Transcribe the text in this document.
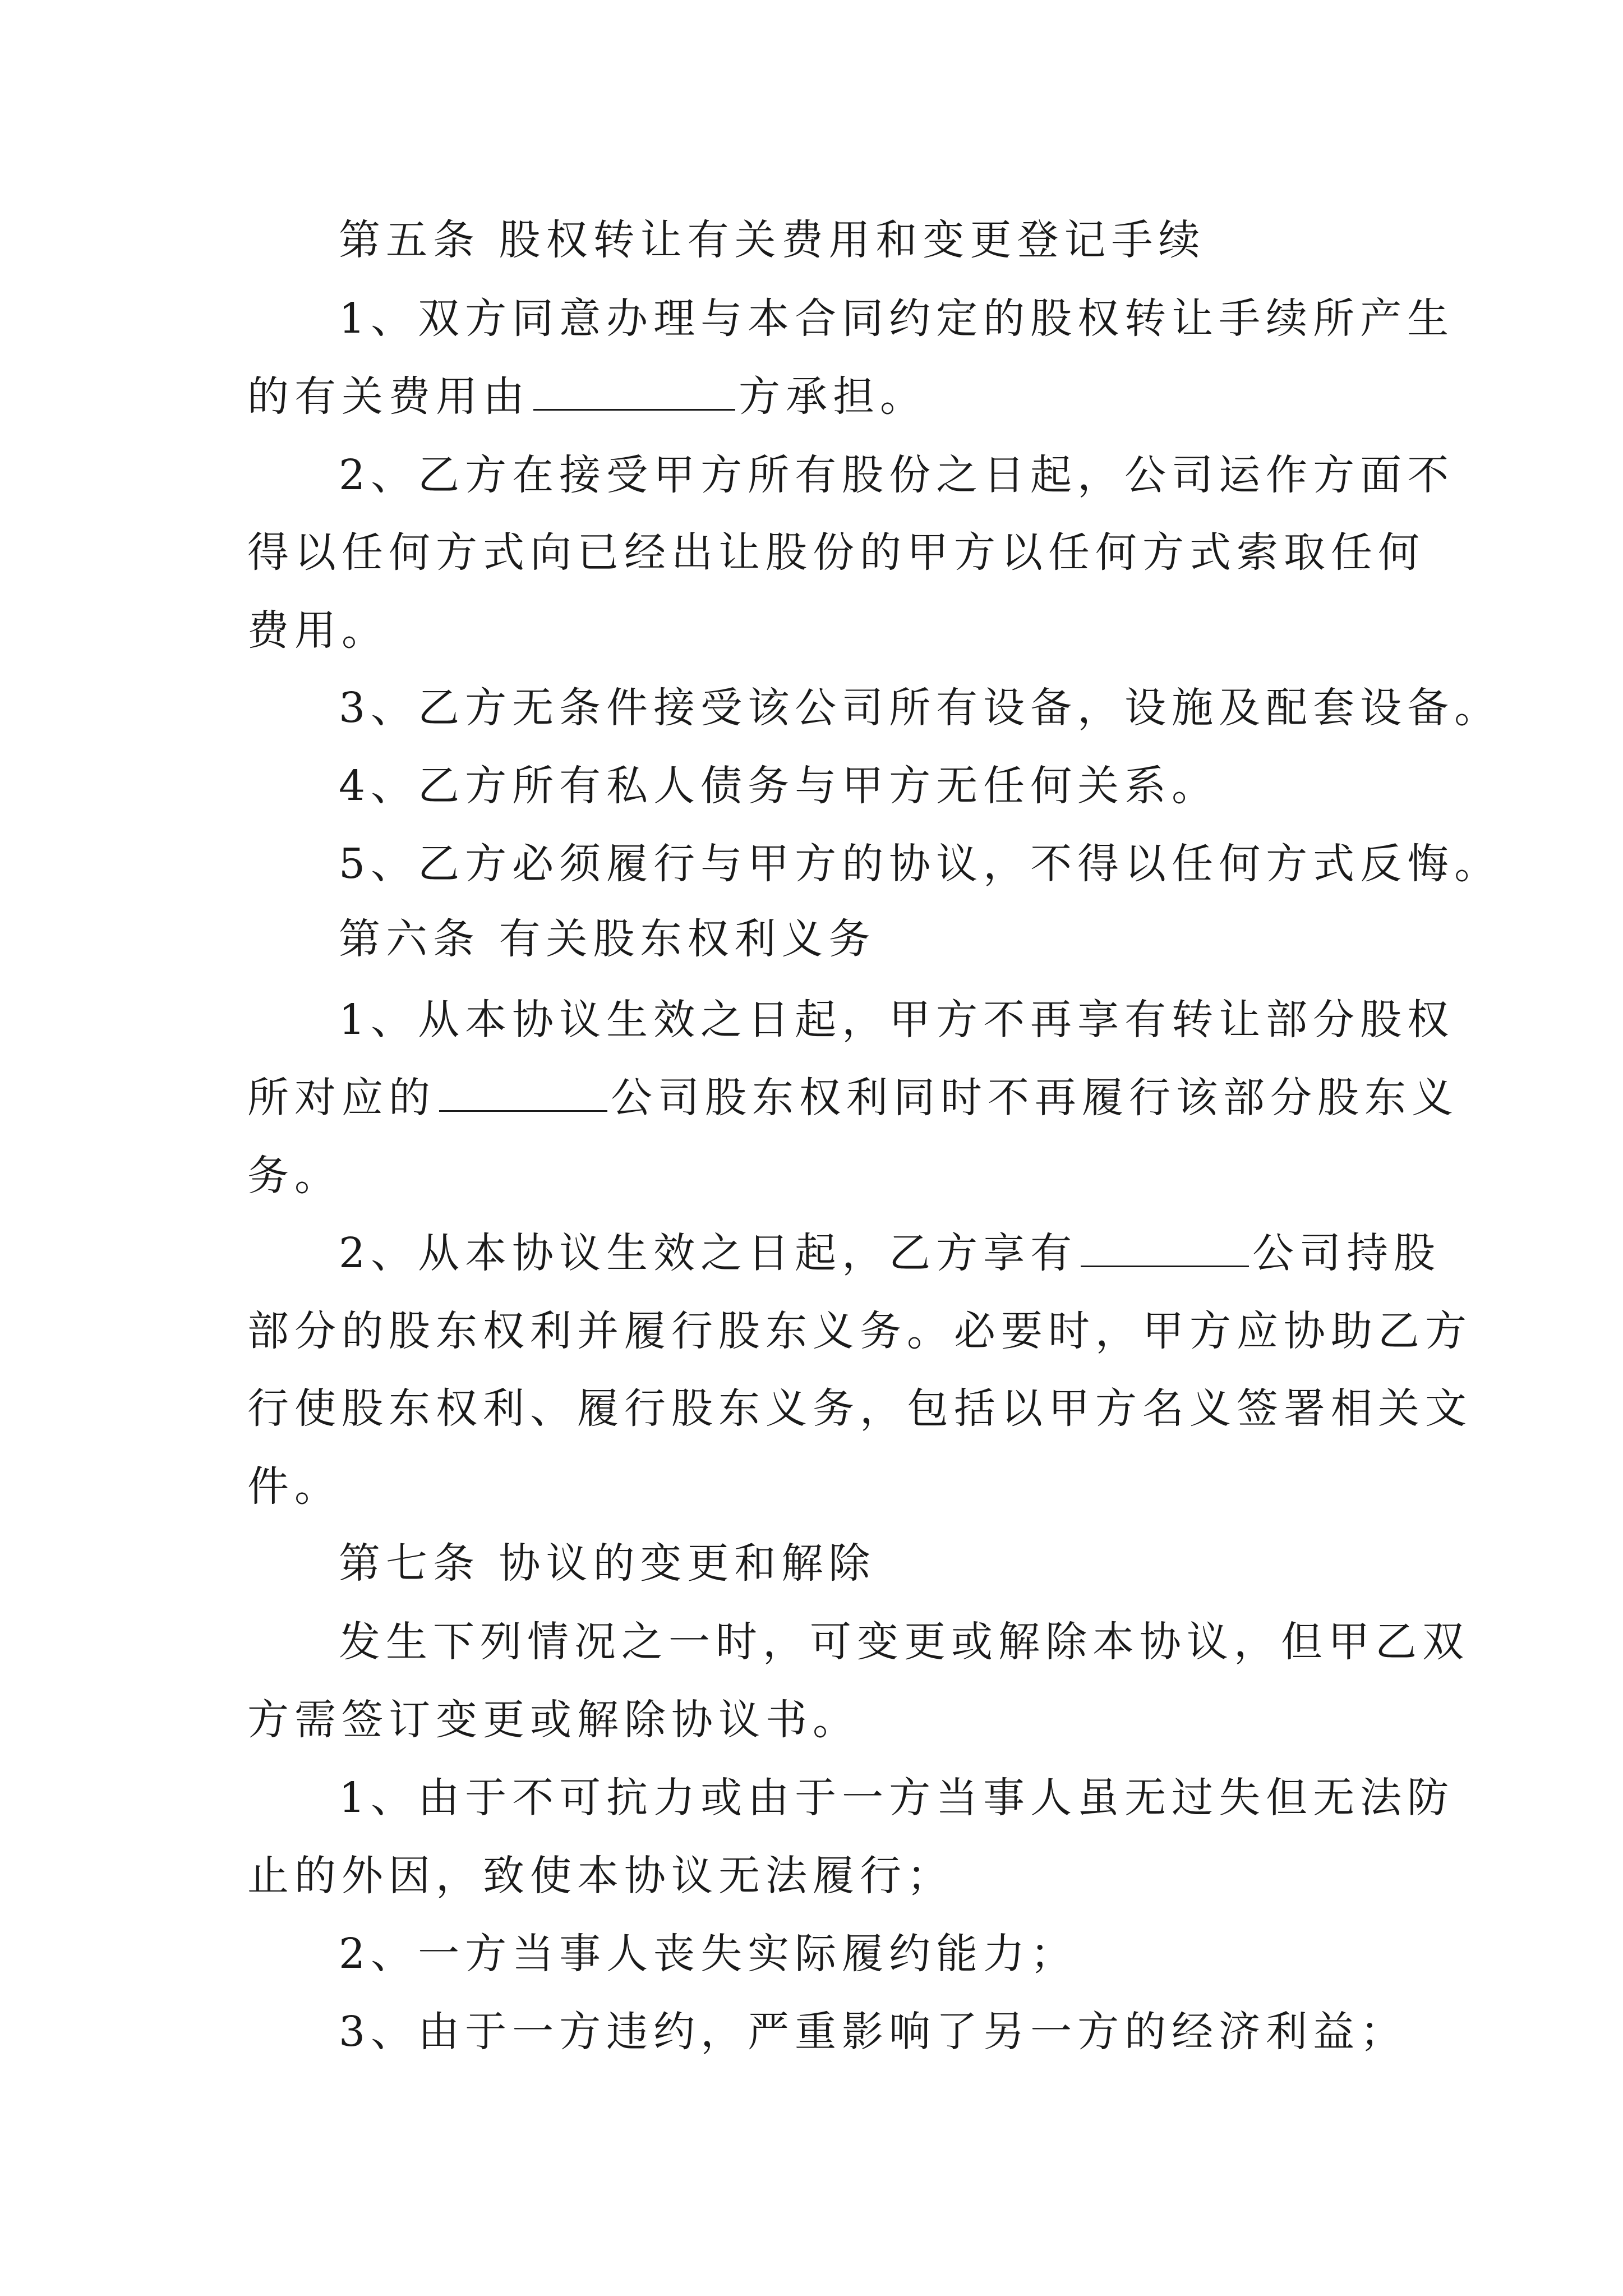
第五条 股权转让有关费用和变更登记手续
1、双方同意办理与本合同约定的股权转让手续所产生
的有关费用由	方承担。
2、乙方在接受甲方所有股份之日起，公司运作方面不
得以任何方式向已经出让股份的甲方以任何方式索取任何
费用。
3、乙方无条件接受该公司所有设备，设施及配套设备。
4、乙方所有私人债务与甲方无任何关系。
5、乙方必须履行与甲方的协议，不得以任何方式反悔。
第六条 有关股东权利义务
1、从本协议生效之日起，甲方不再享有转让部分股权
所对应的	公司股东权利同时不再履行该部分股东义
务。
2、从本协议生效之日起，乙方享有	公司持股
部分的股东权利并履行股东义务。必要时，甲方应协助乙方
行使股东权利、履行股东义务，包括以甲方名义签署相关文
件。
第七条 协议的变更和解除
发生下列情况之一时，可变更或解除本协议，但甲乙双
方需签订变更或解除协议书。
1、由于不可抗力或由于一方当事人虽无过失但无法防
止的外因，致使本协议无法履行；
2、一方当事人丧失实际履约能力；
3、由于一方违约，严重影响了另一方的经济利益；
